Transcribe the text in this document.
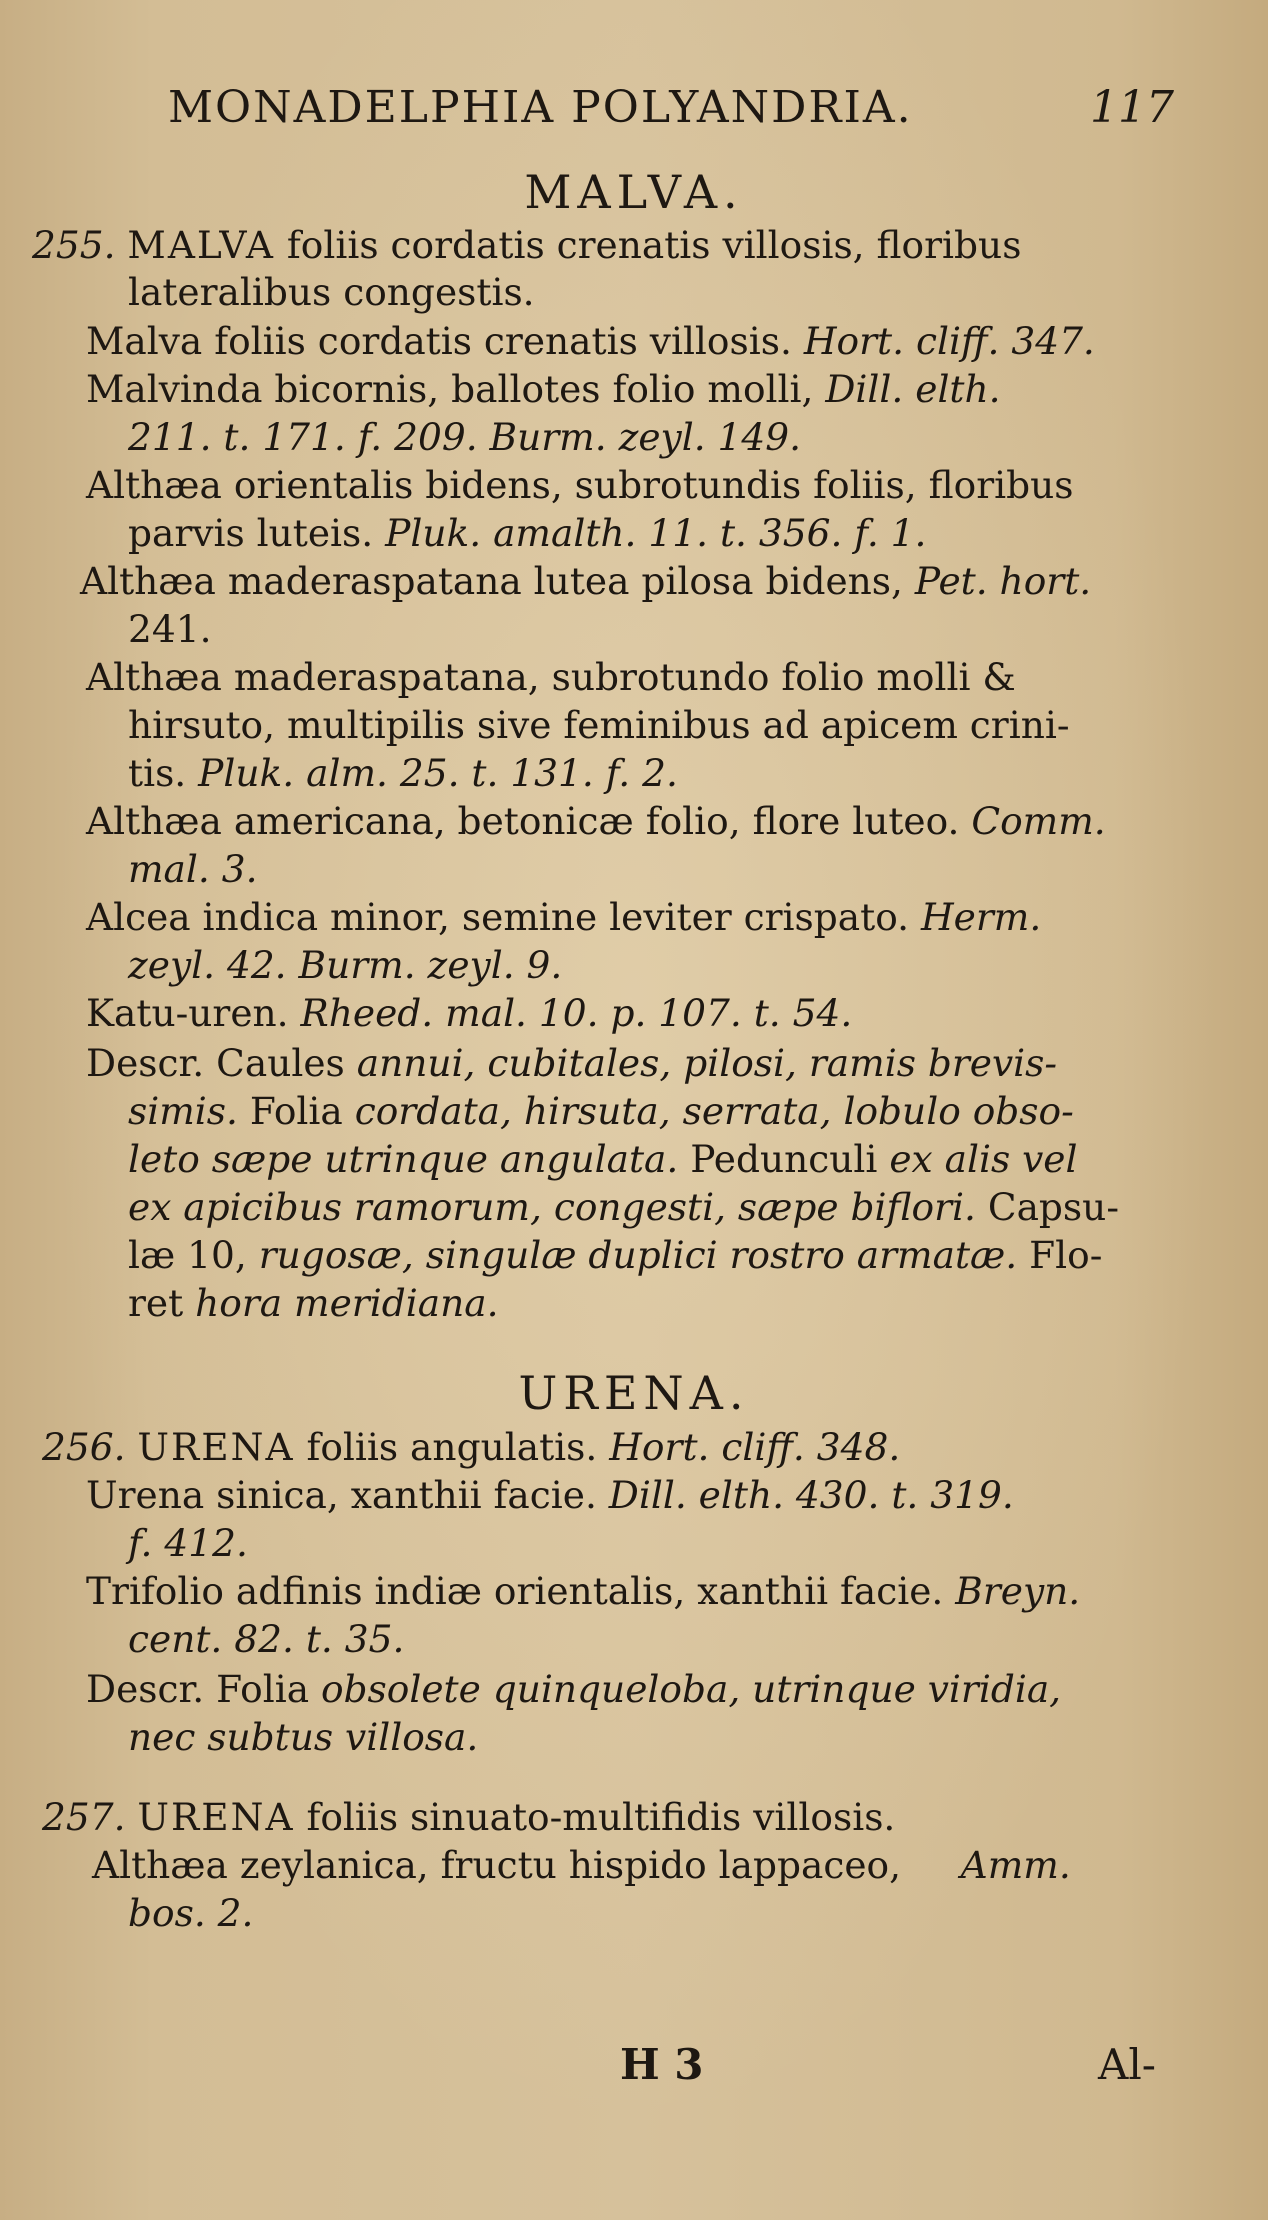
MONADELPHIA POLYANDRIA.	117
MALVA.
255. MALVA foliis cordatis crenatis villosis, floribus
lateralibus congestis.
Malva foliis cordatis crenatis villosis. Hort. cliff. 347.
Malvinda bicornis, ballotes folio molli, Dill. elth.
211. t. 171. f. 209. Burm. zeyl. 149.
Althæa orientalis bidens, subrotundis foliis, floribus
parvis luteis. Pluk. amalth. 11. t. 356. f. 1.
Althæa maderaspatana lutea pilosa bidens, Pet. hort.
241.
Althæa maderaspatana, subrotundo folio molli &
hirsuto, multipilis sive feminibus ad apicem crini-
tis. Pluk. alm. 25. t. 131. f. 2.
Althæa americana, betonicæ folio, flore luteo. Comm.
mal. 3.
Alcea indica minor, semine leviter crispato. Herm.
zeyl. 42. Burm. zeyl. 9.
Katu-uren. Rheed. mal. 10. p. 107. t. 54.
Descr. Caules annui, cubitales, pilosi, ramis brevis-
simis. Folia cordata, hirsuta, serrata, lobulo obso-
leto sæpe utrinque angulata. Pedunculi ex alis vel
ex apicibus ramorum, congesti, sæpe biflori. Capsu-
læ 10, rugosæ, singulæ duplici rostro armatæ. Flo-
ret hora meridiana.
URENA.
256. URENA foliis angulatis. Hort. cliff. 348.
Urena sinica, xanthii facie. Dill. elth. 430. t. 319.
f. 412.
Trifolio adfinis indiæ orientalis, xanthii facie. Breyn.
cent. 82. t. 35.
Descr. Folia obsolete quinqueloba, utrinque viridia,
nec subtus villosa.
257. URENA foliis sinuato-multifidis villosis.
Althæa zeylanica, fructu hispido lappaceo, Amm.
bos. 2.
H 3	Al-
